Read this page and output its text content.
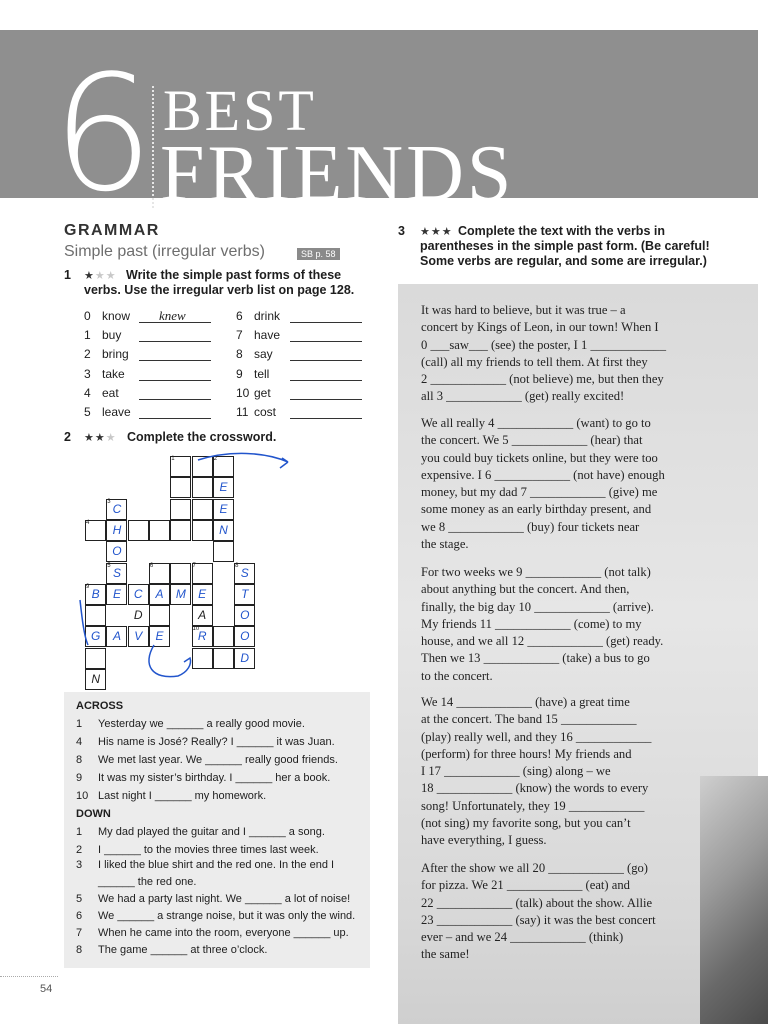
6 BEST
FRIENDS
GRAMMAR
Simple past (irregular verbs)	SB p. 58
1 ★★★ Write the simple past forms of these verbs. Use the irregular verb list on page 128.
0 know knew
1 buy
2 bring
3 take
4 eat
5 leave
6 drink
7 have
8 say
9 tell
10 get
11 cost
2 ★★★ Complete the crossword.
1	2
3
4
5	6	7	8
9
10
C
H
O
S
E
E
N
B	E	C	A	M	E
D
S
T
O
O
D
G	A	V	E	R
A
N
ACROSS
1 Yesterday we ______ a really good movie.
4 His name is José? Really? I ______ it was Juan.
8 We met last year. We ______ really good friends.
9 It was my sister’s birthday. I ______ her a book.
10 Last night I ______ my homework.
DOWN
1 My dad played the guitar and I ______ a song.
2 I ______ to the movies three times last week.
3 I liked the blue shirt and the red one. In the end I
______ the red one.
5 We had a party last night. We ______ a lot of noise!
6 We ______ a strange noise, but it was only the wind.
7 When he came into the room, everyone ______ up.
8 The game ______ at three o’clock.
3 ★★★ Complete the text with the verbs in parentheses in the simple past form. (Be careful! Some verbs are regular, and some are irregular.)
It was hard to believe, but it was true – a
concert by Kings of Leon, in our town! When I
0 ___saw___ (see) the poster, I 1 ____________
(call) all my friends to tell them. At first they
2 ____________ (not believe) me, but then they
all 3 ____________ (get) really excited!
We all really 4 ____________ (want) to go to
the concert. We 5 ____________ (hear) that
you could buy tickets online, but they were too
expensive. I 6 ____________ (not have) enough
money, but my dad 7 ____________ (give) me
some money as an early birthday present, and
we 8 ____________ (buy) four tickets near
the stage.
For two weeks we 9 ____________ (not talk)
about anything but the concert. And then,
finally, the big day 10 ____________ (arrive).
My friends 11 ____________ (come) to my
house, and we all 12 ____________ (get) ready.
Then we 13 ____________ (take) a bus to go
to the concert.
We 14 ____________ (have) a great time
at the concert. The band 15 ____________
(play) really well, and they 16 ____________
(perform) for three hours! My friends and
I 17 ____________ (sing) along – we
18 ____________ (know) the words to every
song! Unfortunately, they 19 ____________
(not sing) my favorite song, but you can’t
have everything, I guess.
After the show we all 20 ____________ (go)
for pizza. We 21 ____________ (eat) and
22 ____________ (talk) about the show. Allie
23 ____________ (say) it was the best concert
ever – and we 24 ____________ (think)
the same!
54
